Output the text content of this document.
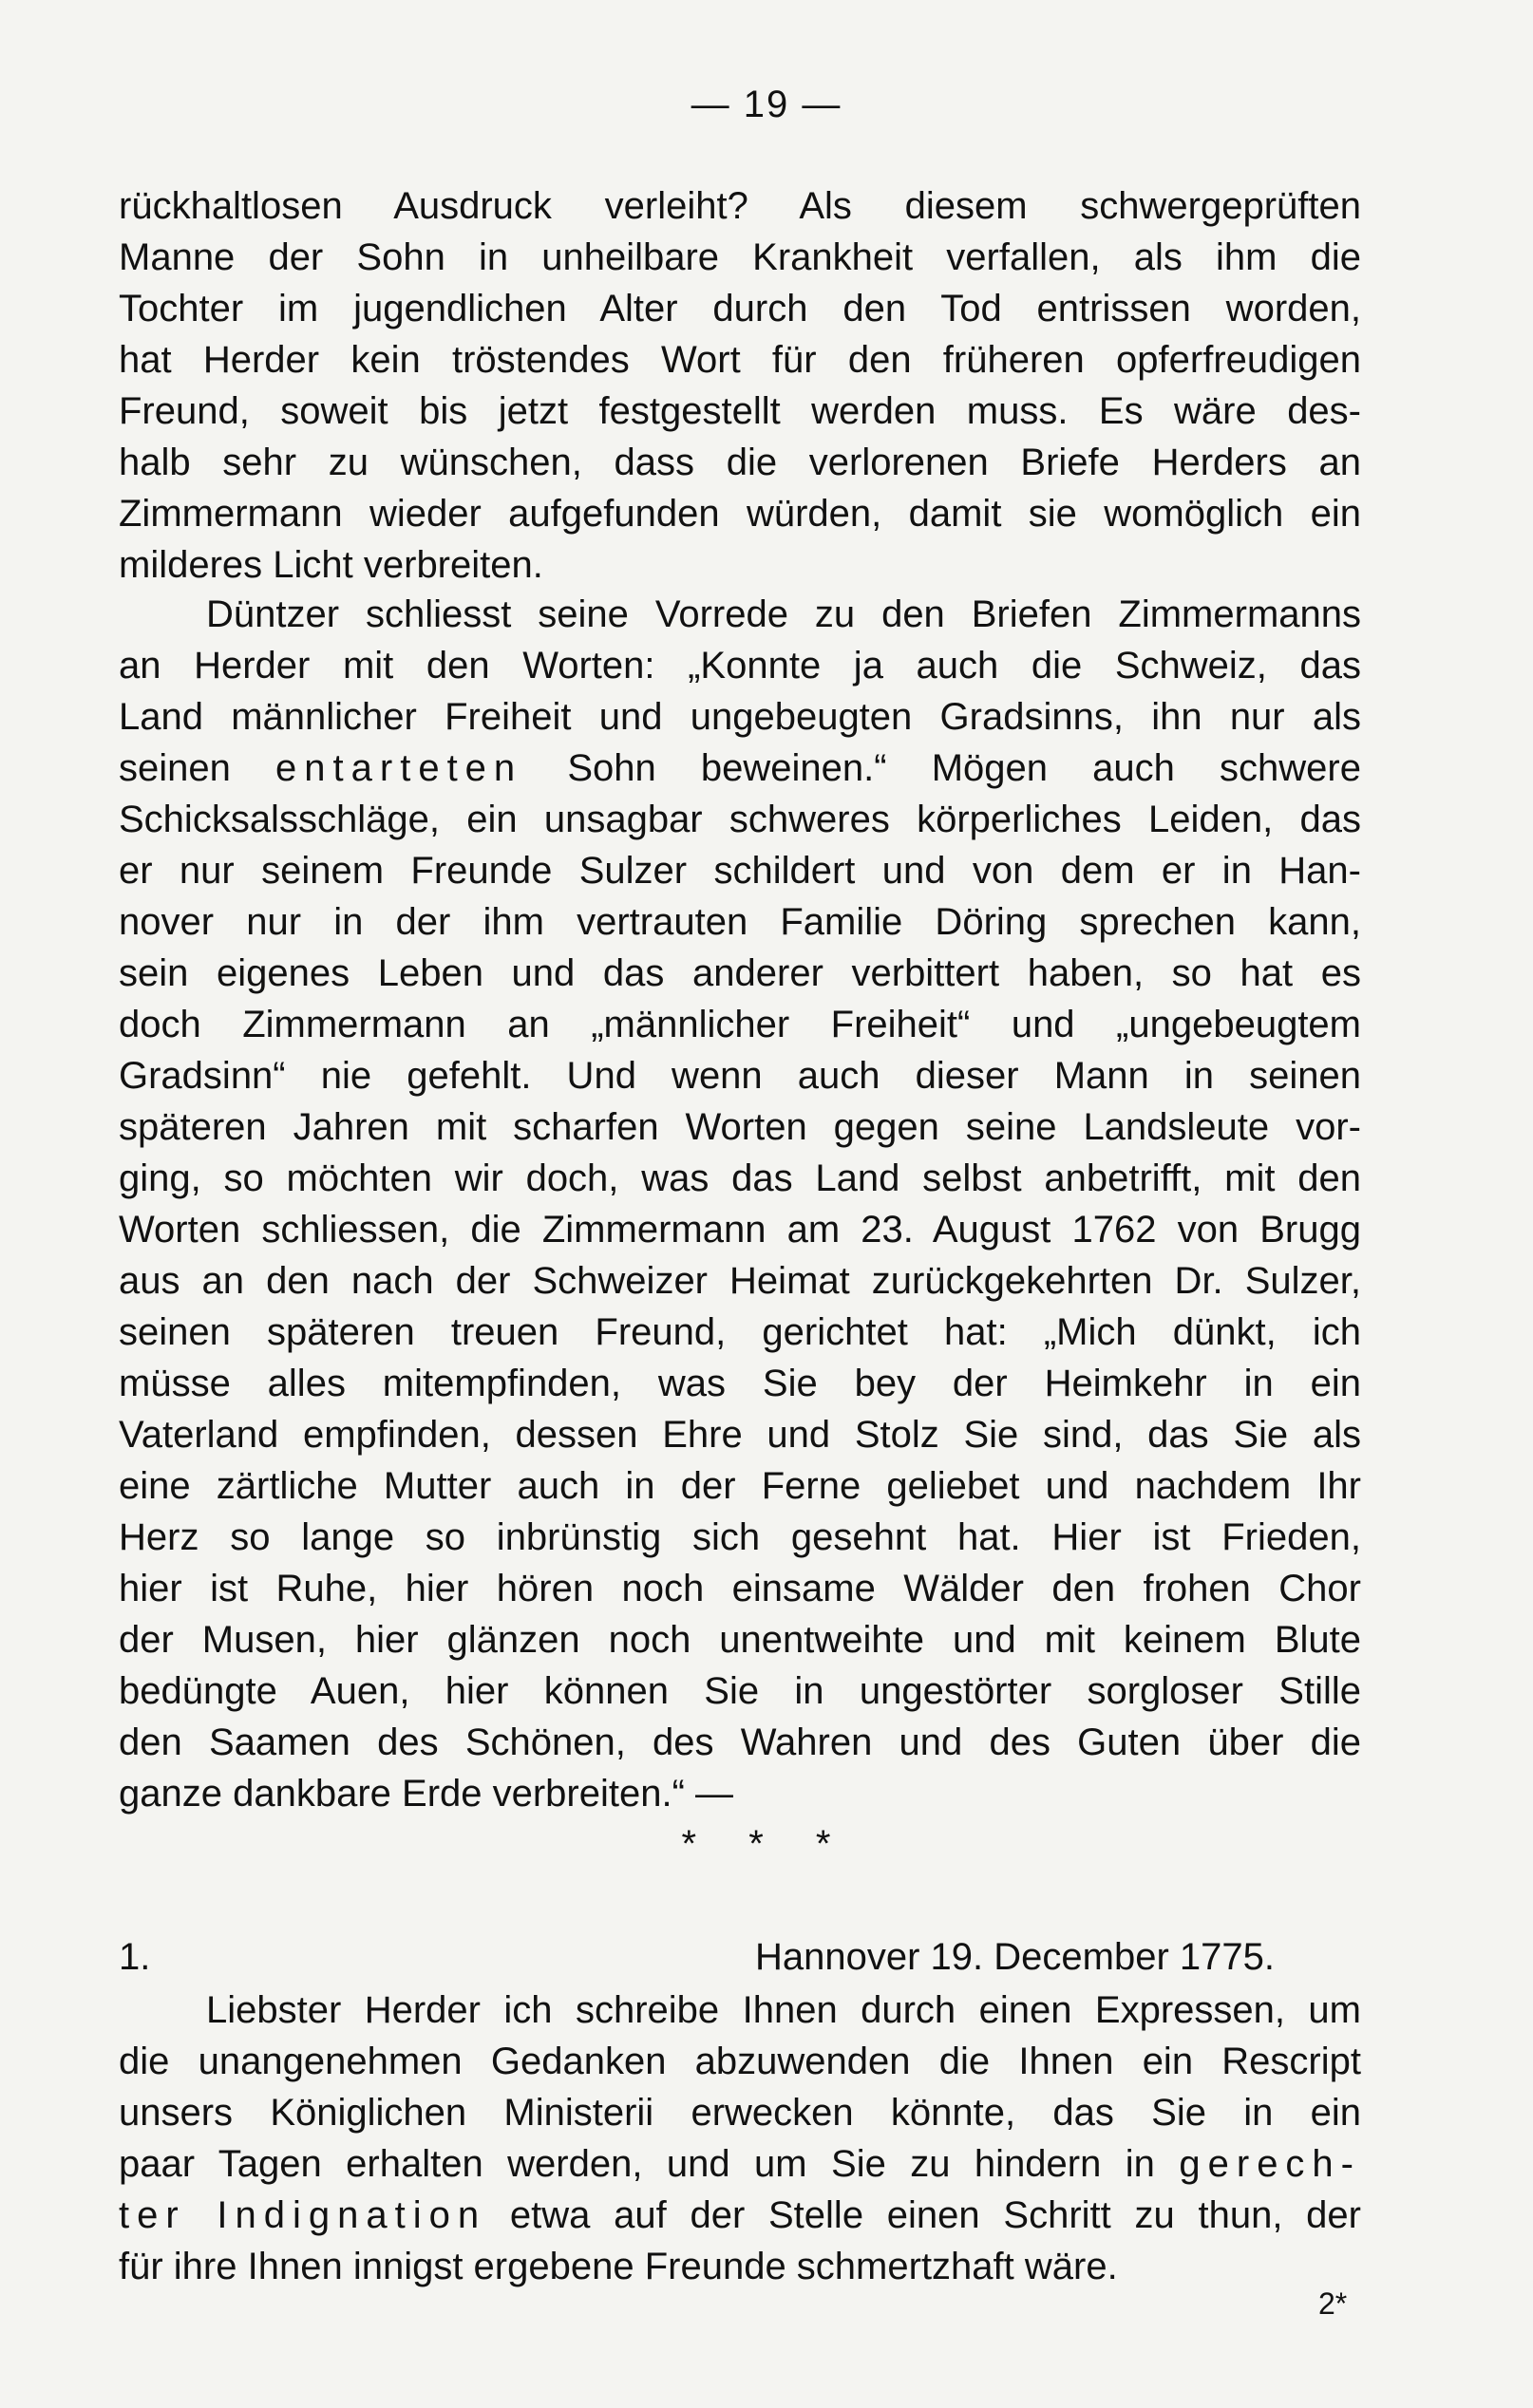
— 19 —
rückhaltlosen Ausdruck verleiht? Als diesem schwergeprüften
Manne der Sohn in unheilbare Krankheit verfallen, als ihm die
Tochter im jugendlichen Alter durch den Tod entrissen worden,
hat Herder kein tröstendes Wort für den früheren opferfreudigen
Freund, soweit bis jetzt festgestellt werden muss. Es wäre des-
halb sehr zu wünschen, dass die verlorenen Briefe Herders an
Zimmermann wieder aufgefunden würden, damit sie womöglich ein
milderes Licht verbreiten.
Düntzer schliesst seine Vorrede zu den Briefen Zimmermanns
an Herder mit den Worten: „Konnte ja auch die Schweiz, das
Land männlicher Freiheit und ungebeugten Gradsinns, ihn nur als
seinen entarteten Sohn beweinen.“ Mögen auch schwere
Schicksalsschläge, ein unsagbar schweres körperliches Leiden, das
er nur seinem Freunde Sulzer schildert und von dem er in Han-
nover nur in der ihm vertrauten Familie Döring sprechen kann,
sein eigenes Leben und das anderer verbittert haben, so hat es
doch Zimmermann an „männlicher Freiheit“ und „ungebeugtem
Gradsinn“ nie gefehlt. Und wenn auch dieser Mann in seinen
späteren Jahren mit scharfen Worten gegen seine Landsleute vor-
ging, so möchten wir doch, was das Land selbst anbetrifft, mit den
Worten schliessen, die Zimmermann am 23. August 1762 von Brugg
aus an den nach der Schweizer Heimat zurückgekehrten Dr. Sulzer,
seinen späteren treuen Freund, gerichtet hat: „Mich dünkt, ich
müsse alles mitempfinden, was Sie bey der Heimkehr in ein
Vaterland empfinden, dessen Ehre und Stolz Sie sind, das Sie als
eine zärtliche Mutter auch in der Ferne geliebet und nachdem Ihr
Herz so lange so inbrünstig sich gesehnt hat. Hier ist Frieden,
hier ist Ruhe, hier hören noch einsame Wälder den frohen Chor
der Musen, hier glänzen noch unentweihte und mit keinem Blute
bedüngte Auen, hier können Sie in ungestörter sorgloser Stille
den Saamen des Schönen, des Wahren und des Guten über die
ganze dankbare Erde verbreiten.“ —
* * *
1.	Hannover 19. December 1775.
Liebster Herder ich schreibe Ihnen durch einen Expressen, um
die unangenehmen Gedanken abzuwenden die Ihnen ein Rescript
unsers Königlichen Ministerii erwecken könnte, das Sie in ein
paar Tagen erhalten werden, und um Sie zu hindern in gerech-
ter Indignation etwa auf der Stelle einen Schritt zu thun, der
für ihre Ihnen innigst ergebene Freunde schmertzhaft wäre.
2*
